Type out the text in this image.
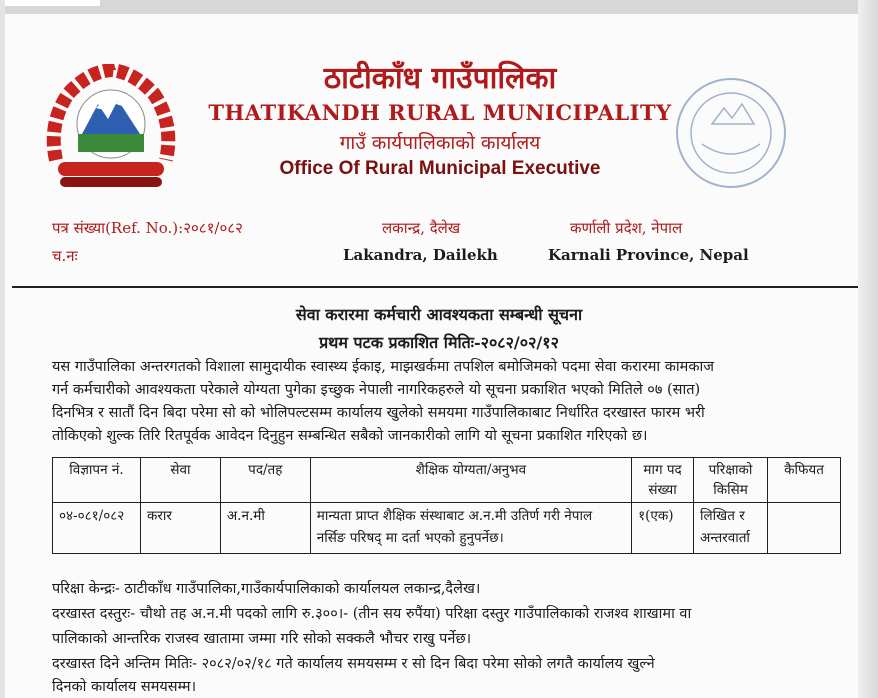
ठाटीकाँध गाउँपालिका
THATIKANDH RURAL MUNICIPALITY
गाउँ कार्यपालिकाको कार्यालय
Office Of Rural Municipal Executive
पत्र संख्या(Ref. No.):२०८१/०८२
च.नः
लकान्द्र, दैलेख
Lakandra, Dailekh
कर्णाली प्रदेश, नेपाल
Karnali Province, Nepal
सेवा करारमा कर्मचारी आवश्यकता सम्बन्धी सूचना
प्रथम पटक प्रकाशित मितिः-२०८२/०२/१२
यस गाउँपालिका अन्तरगतको विशाला सामुदायीक स्वास्थ्य ईकाइ, माझखर्कमा तपशिल बमोजिमको पदमा सेवा करारमा कामकाज
गर्न कर्मचारीको आवश्यकता परेकाले योग्यता पुगेका इच्छुक नेपाली नागरिकहरुले यो सूचना प्रकाशित भएको मितिले ०७ (सात)
दिनभित्र र सातौं दिन बिदा परेमा सो को भोलिपल्टसम्म कार्यालय खुलेको समयमा गाउँपालिकाबाट निर्धारित दरखास्त फारम भरी
तोकिएको शुल्क तिरि रितपूर्वक आवेदन दिनुहुन सम्बन्धित सबैको जानकारीको लागि यो सूचना प्रकाशित गरिएको छ।
विज्ञापन नं.	सेवा	पद/तह	शैक्षिक योग्यता/अनुभव	माग पद संख्या	परिक्षाको किसिम	कैफियत
०४-०८१/०८२	करार	अ.न.मी	मान्यता प्राप्त शैक्षिक संस्थाबाट अ.न.मी उतिर्ण गरी नेपाल नर्सिङ परिषद् मा दर्ता भएको हुनुपर्नेछ।	१(एक)	लिखित र अन्तरवार्ता	
परिक्षा केन्द्रः- ठाटीकाँध गाउँपालिका,गाउँकार्यपालिकाको कार्यालयल लकान्द्र,दैलेख।
दरखास्त दस्तुरः- चौथो तह अ.न.मी पदको लागि रु.३००।- (तीन सय रुपैंया) परिक्षा दस्तुर गाउँपालिकाको राजश्व शाखामा वा
पालिकाको आन्तरिक राजस्व खातामा जम्मा गरि सोको सक्कलै भौचर राखु पर्नेछ।
दरखास्त दिने अन्तिम मितिः- २०८२/०२/१८ गते कार्यालय समयसम्म र सो दिन बिदा परेमा सोको लगतै कार्यालय खुल्ने
दिनको कार्यालय समयसम्म।
